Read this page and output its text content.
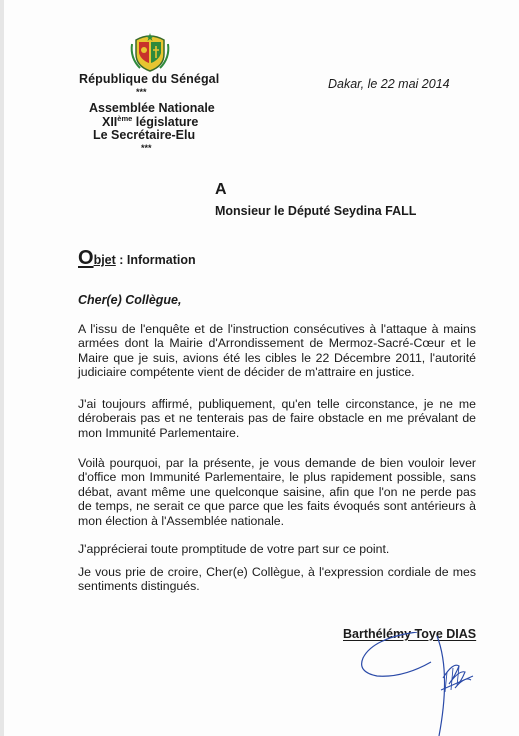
République du Sénégal
***
Assemblée Nationale
XIIème législature
Le Secrétaire-Elu
***
Dakar, le 22 mai 2014
A
Monsieur le Député Seydina FALL
Objet : Information
Cher(e) Collègue,

A l'issu de l'enquête et de l'instruction consécutives à l'attaque à mains armées dont la Mairie d'Arrondissement de Mermoz-Sacré-Cœur et le Maire que je suis, avions été les cibles le 22 Décembre 2011, l'autorité judiciaire compétente vient de décider de m'attraire en justice.

J'ai toujours affirmé, publiquement, qu'en telle circonstance, je ne me déroberais pas et ne tenterais pas de faire obstacle en me prévalant de mon Immunité Parlementaire.

Voilà pourquoi, par la présente, je vous demande de bien vouloir lever d'office mon Immunité Parlementaire, le plus rapidement possible, sans débat, avant même une quelconque saisine, afin que l'on ne perde pas de temps, ne serait ce que parce que les faits évoqués sont antérieurs à mon élection à l'Assemblée nationale.

J'apprécierai toute promptitude de votre part sur ce point.

Je vous prie de croire, Cher(e) Collègue, à l'expression cordiale de mes sentiments distingués.

Barthélémy Toye DIAS
